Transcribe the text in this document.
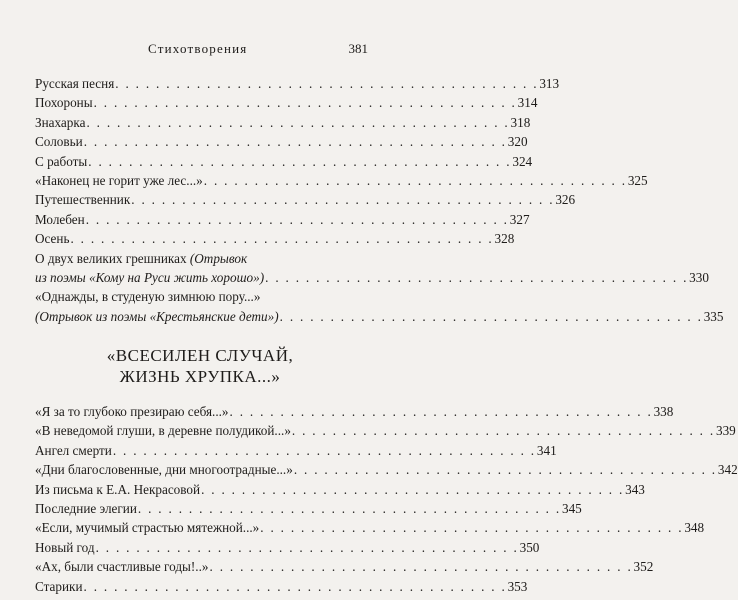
Стихотворения	381
Русская песня . . . . . . . . . . . . . . . . . . . . . . . . . . . . . . . . . . . . . . . . . . 313
Похороны . . . . . . . . . . . . . . . . . . . . . . . . . . . . . . . . . . . . . . . . . . 314
Знахарка . . . . . . . . . . . . . . . . . . . . . . . . . . . . . . . . . . . . . . . . . . 318
Соловьи . . . . . . . . . . . . . . . . . . . . . . . . . . . . . . . . . . . . . . . . . . 320
С работы . . . . . . . . . . . . . . . . . . . . . . . . . . . . . . . . . . . . . . . . . . 324
«Наконец не горит уже лес...» . . . . . . . . . . . . . . . . . . . . . . . . . . . . . . . . . . . . . . . . . . 325
Путешественник . . . . . . . . . . . . . . . . . . . . . . . . . . . . . . . . . . . . . . . . . . 326
Молебен . . . . . . . . . . . . . . . . . . . . . . . . . . . . . . . . . . . . . . . . . . 327
Осень . . . . . . . . . . . . . . . . . . . . . . . . . . . . . . . . . . . . . . . . . . 328
О двух великих грешниках (Отрывок
из поэмы «Кому на Руси жить хорошо») . . . . . . . . . . . . . . . . . . . . . . . . . . . . . . . . . . . . . . . . . . 330
«Однажды, в студеную зимнюю пору...»
(Отрывок из поэмы «Крестьянские дети») . . . . . . . . . . . . . . . . . . . . . . . . . . . . . . . . . . . . . . . . . . 335
«ВСЕСИЛЕН СЛУЧАЙ,
ЖИЗНЬ ХРУПКА...»
«Я за то глубоко презираю себя...» . . . . . . . . . . . . . . . . . . . . . . . . . . . . . . . . . . . . . . . . . . 338
«В неведомой глуши, в деревне полудикой...» . . . . . . . . . . . . . . . . . . . . . . . . . . . . . . . . . . . . . . . . . . 339
Ангел смерти . . . . . . . . . . . . . . . . . . . . . . . . . . . . . . . . . . . . . . . . . . 341
«Дни благословенные, дни многоотрадные...» . . . . . . . . . . . . . . . . . . . . . . . . . . . . . . . . . . . . . . . . . . 342
Из письма к Е.А. Некрасовой . . . . . . . . . . . . . . . . . . . . . . . . . . . . . . . . . . . . . . . . . . 343
Последние элегии . . . . . . . . . . . . . . . . . . . . . . . . . . . . . . . . . . . . . . . . . . 345
«Если, мучимый страстью мятежной...» . . . . . . . . . . . . . . . . . . . . . . . . . . . . . . . . . . . . . . . . . . 348
Новый год . . . . . . . . . . . . . . . . . . . . . . . . . . . . . . . . . . . . . . . . . . 350
«Ах, были счастливые годы!..» . . . . . . . . . . . . . . . . . . . . . . . . . . . . . . . . . . . . . . . . . . 352
Старики . . . . . . . . . . . . . . . . . . . . . . . . . . . . . . . . . . . . . . . . . . 353
